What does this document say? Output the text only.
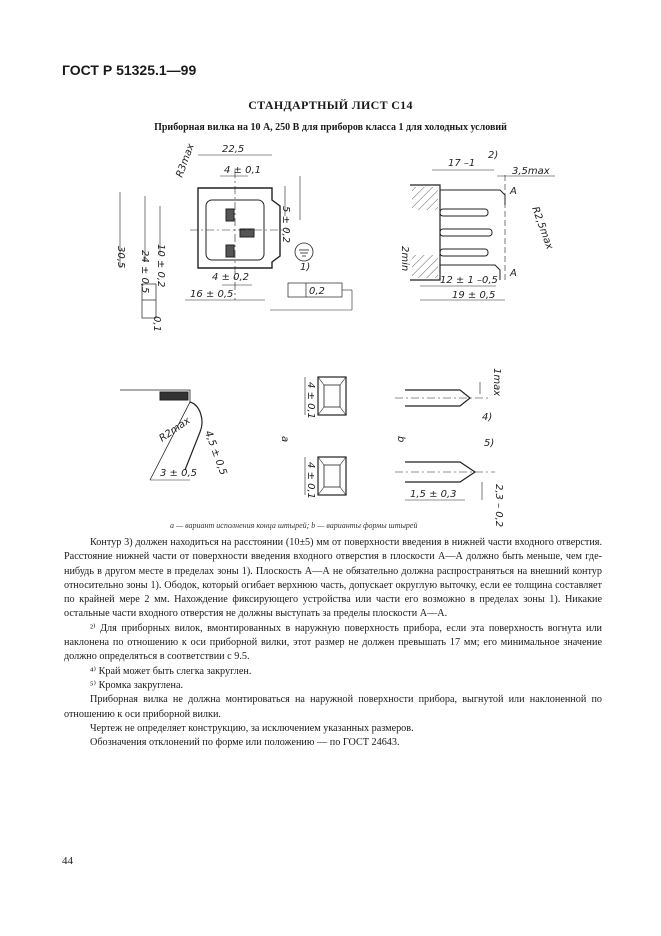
ГОСТ Р 51325.1—99
СТАНДАРТНЫЙ ЛИСТ С14
Приборная вилка на 10 А, 250 В для приборов класса 1 для холодных условий
22,5
R3max	4 ± 0,1
30,5 24 ± 0,5 10 ± 0,2
5 ± 0,2
4 ± 0,2
16 ± 0,5	0,2
0,1
17 –1
2)
3,5max
R2,5max
2min
12 ± 1 –0,5
19 ± 0,5
A
A
1)
4,5 ± 0,5
R2max
3 ± 0,5
a	b
4 ± 0,1
4 ± 0,1
1max
4)
5)
1,5 ± 0,3	2,3 – 0,2
a — вариант исполнения конца штырей; b — варианты формы штырей

Контур 3) должен находиться на расстоянии (10±5) мм от поверхности введения в нижней части входного отверстия. Расстояние нижней части от поверхности введения входного отверстия в плоскости А—А должно быть меньше, чем где-нибудь в другом месте в пределах зоны 1). Плоскость А—А не обязательно должна распространяться на внешний контур относительно зоны 1). Ободок, который огибает верхнюю часть, допускает округлую выточку, если ее толщина составляет по крайней мере 2 мм. Нахождение фиксирующего устройства или части его возможно в пределах зоны 1). Никакие остальные части входного отверстия не должны выступать за пределы плоскости А—А.

²⁾ Для приборных вилок, вмонтированных в наружную поверхность прибора, если эта поверхность вогнута или наклонена по отношению к оси приборной вилки, этот размер не должен превышать 17 мм; его минимальное значение должно определяться в соответствии с 9.5.

⁴⁾ Край может быть слегка закруглен.

⁵⁾ Кромка закруглена.

Приборная вилка не должна монтироваться на наружной поверхности прибора, выгнутой или наклоненной по отношению к оси приборной вилки.

Чертеж не определяет конструкцию, за исключением указанных размеров.

Обозначения отклонений по форме или положению — по ГОСТ 24643.

44
